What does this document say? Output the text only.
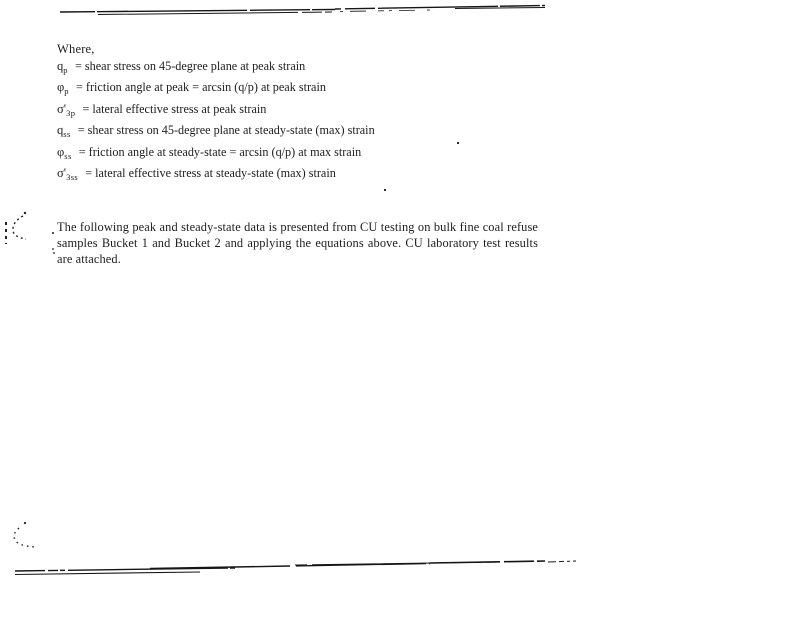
Where,
$q_p$ = shear stress on 45-degree plane at peak strain
$\varphi_p$ = friction angle at peak = arcsin (q/p) at peak strain
$\sigma'_{3p}$ = lateral effective stress at peak strain
$q_{ss}$ = shear stress on 45-degree plane at steady-state (max) strain
$\varphi_{ss}$ = friction angle at steady-state = arcsin (q/p) at max strain
$\sigma'_{3ss}$ = lateral effective stress at steady-state (max) strain

The following peak and steady-state data is presented from CU testing on bulk fine coal refuse samples Bucket 1 and Bucket 2 and applying the equations above. CU laboratory test results are attached.
